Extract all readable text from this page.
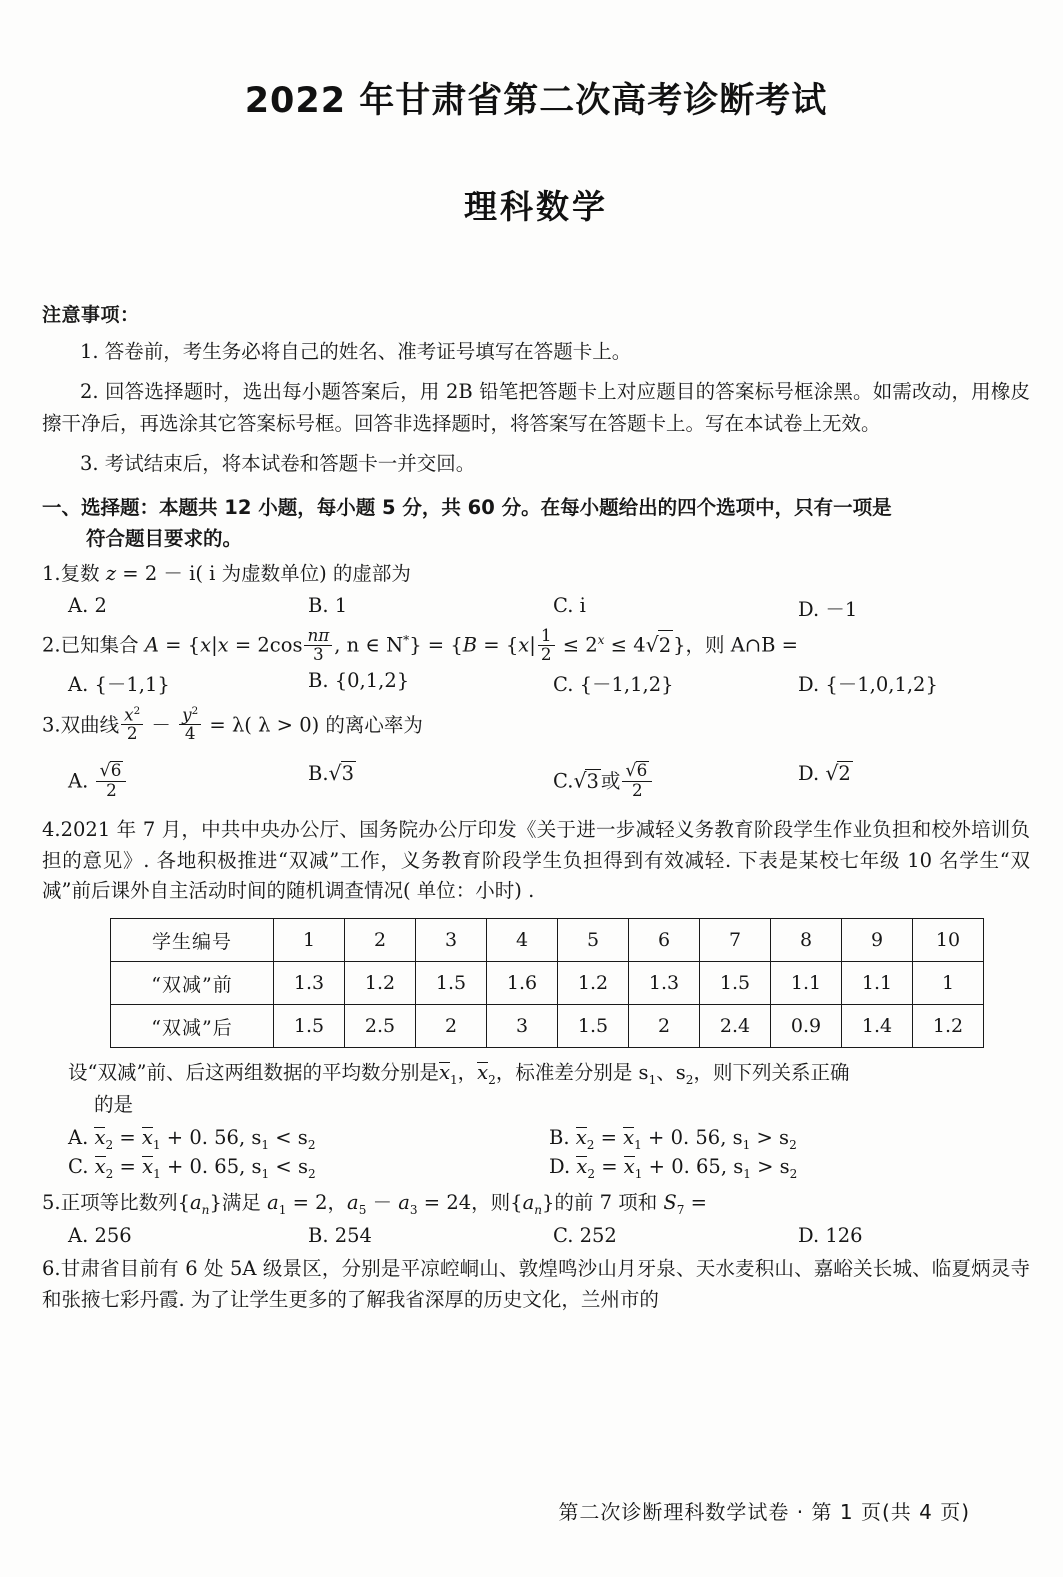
2022 年甘肃省第二次高考诊断考试
理科数学
注意事项：
1. 答卷前，考生务必将自己的姓名、准考证号填写在答题卡上。
2. 回答选择题时，选出每小题答案后，用 2B 铅笔把答题卡上对应题目的答案标号框涂黑。如需改动，用橡皮擦干净后，再选涂其它答案标号框。回答非选择题时，将答案写在答题卡上。写在本试卷上无效。
3. 考试结束后，将本试卷和答题卡一并交回。
一、选择题：本题共 12 小题，每小题 5 分，共 60 分。在每小题给出的四个选项中，只有一项是
符合题目要求的。
1.复数 z = 2 － i( i 为虚数单位) 的虚部为
A. 2	B. 1	C. i	D. －1
2.已知集合 $A = \{x|x = 2\cos \frac{n\pi}{3}$ , n ∈ $N^*\} = \{B = \{x| \frac{1}{2} \le 2^x \le 4√2$ }，则 A∩B =
A. {－1,1}	B. {0,1,2}	C. {－1,1,2}	D. {－1,0,1,2}
3.双曲线 $\frac{x^2}{2} - \frac{y^2}{4} = \lambda$( λ > 0) 的离心率为
A. $\frac{√6}{2}$	B.√3	C.√3 或 $\frac{√6}{2}$	D. √2
4.2021 年 7 月，中共中央办公厅、国务院办公厅印发《关于进一步减轻义务教育阶段学生作业负担和校外培训负担的意见》. 各地积极推进“双减”工作，义务教育阶段学生负担得到有效减轻. 下表是某校七年级 10 名学生“双减”前后课外自主活动时间的随机调查情况( 单位：小时) .
学生编号	1	2	3	4	5	6	7	8	9	10
“双减”前	1.3	1.2	1.5	1.6	1.2	1.3	1.5	1.1	1.1	1
“双减”后	1.5	2.5	2	3	1.5	2	2.4	0.9	1.4	1.2
设“双减”前、后这两组数据的平均数分别是$x_1$，$x_2$，标准差分别是 $s_1$、$s_2$，则下列关系正确
的是
A. $x_2 = x_1 + 0$. 56, $s_1 < s_2$	B. $x_2 = x_1 + 0$. 56, $s_1 > s_2$
C. $x_2 = x_1 + 0$. 65, $s_1 < s_2$	D. $x_2 = x_1 + 0$. 65, $s_1 > s_2$
5.正项等比数列$\{a_n\}$满足 $a_1 = 2$，$a_5 - a_3 = 24$，则$\{a_n\}$的前 7 项和 $S_7$ =
A. 256	B. 254	C. 252	D. 126
6.甘肃省目前有 6 处 5A 级景区，分别是平凉崆峒山、敦煌鸣沙山月牙泉、天水麦积山、嘉峪关长城、临夏炳灵寺和张掖七彩丹霞. 为了让学生更多的了解我省深厚的历史文化，兰州市的
第二次诊断理科数学试卷 · 第 1 页(共 4 页)
